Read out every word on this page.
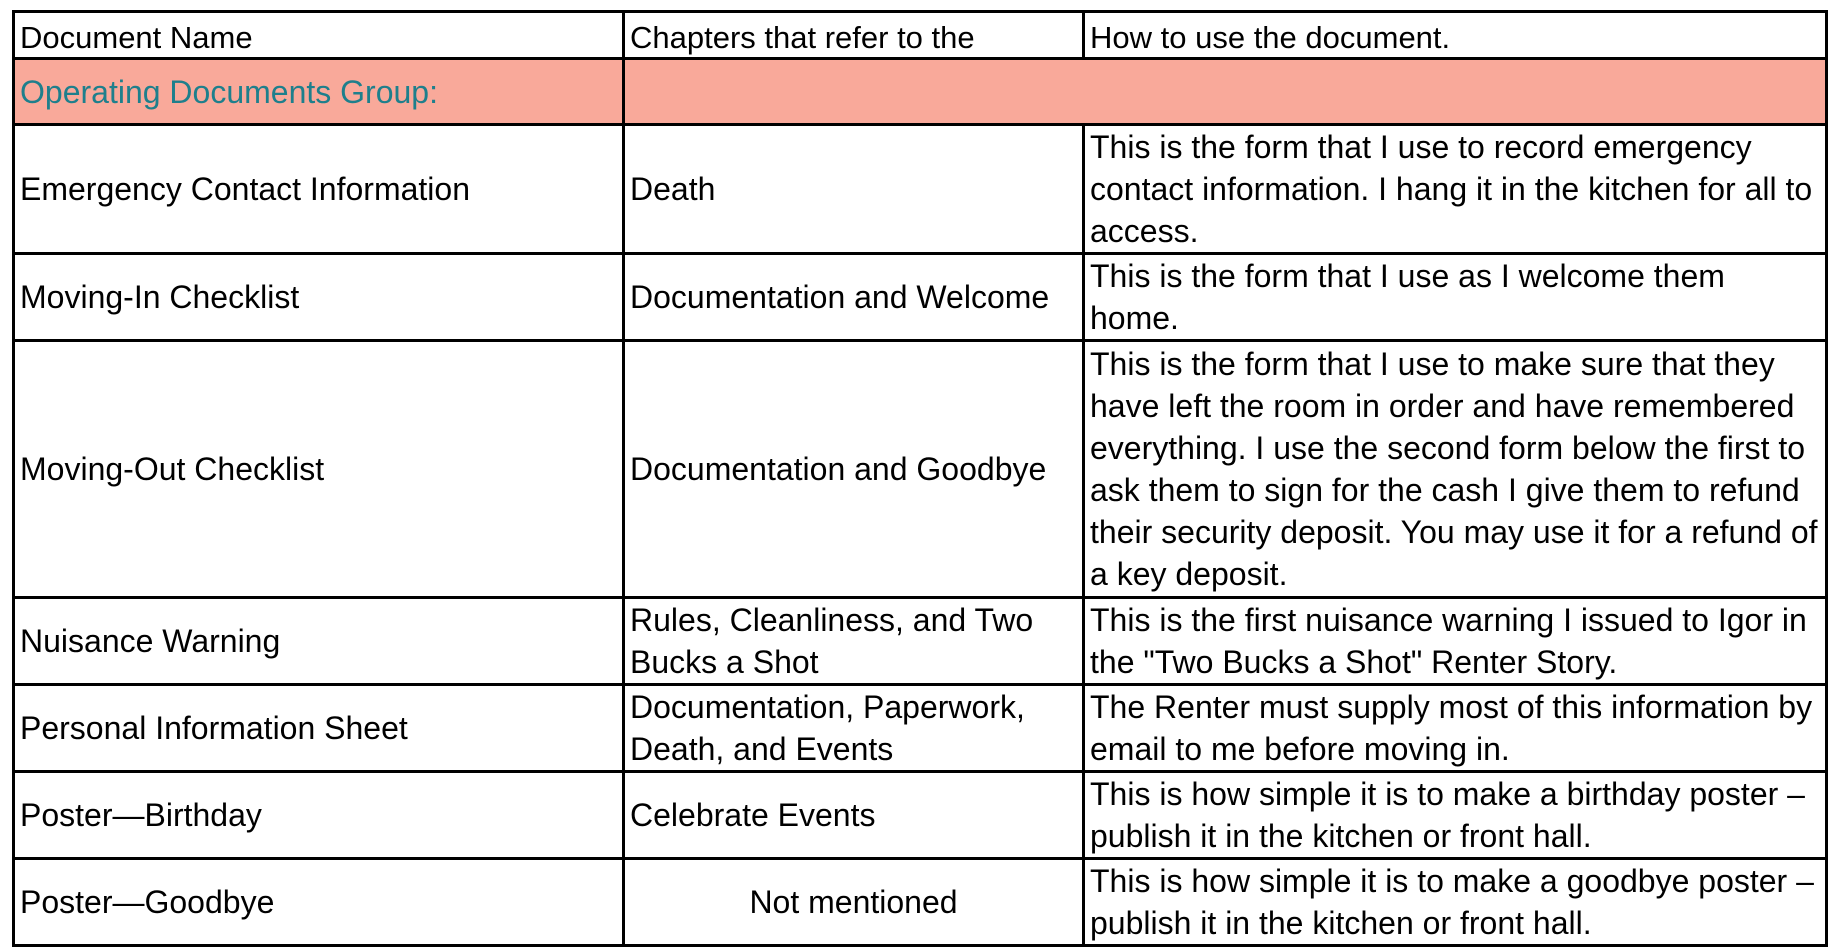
Document Name	Chapters that refer to the	How to use the document.
Operating Documents Group:		
Emergency Contact Information	Death	This is the form that I use to record emergency contact information. I hang it in the kitchen for all to access.
Moving-In Checklist	Documentation and Welcome	This is the form that I use as I welcome them home.
Moving-Out Checklist	Documentation and Goodbye	This is the form that I use to make sure that they have left the room in order and have remembered everything. I use the second form below the first to ask them to sign for the cash I give them to refund their security deposit. You may use it for a refund of a key deposit.
Nuisance Warning	Rules, Cleanliness, and Two Bucks a Shot	This is the first nuisance warning I issued to Igor in the "Two Bucks a Shot" Renter Story.
Personal Information Sheet	Documentation, Paperwork, Death, and Events	The Renter must supply most of this information by email to me before moving in.
Poster—Birthday	Celebrate Events	This is how simple it is to make a birthday poster – publish it in the kitchen or front hall.
Poster—Goodbye	Not mentioned	This is how simple it is to make a goodbye poster – publish it in the kitchen or front hall.
